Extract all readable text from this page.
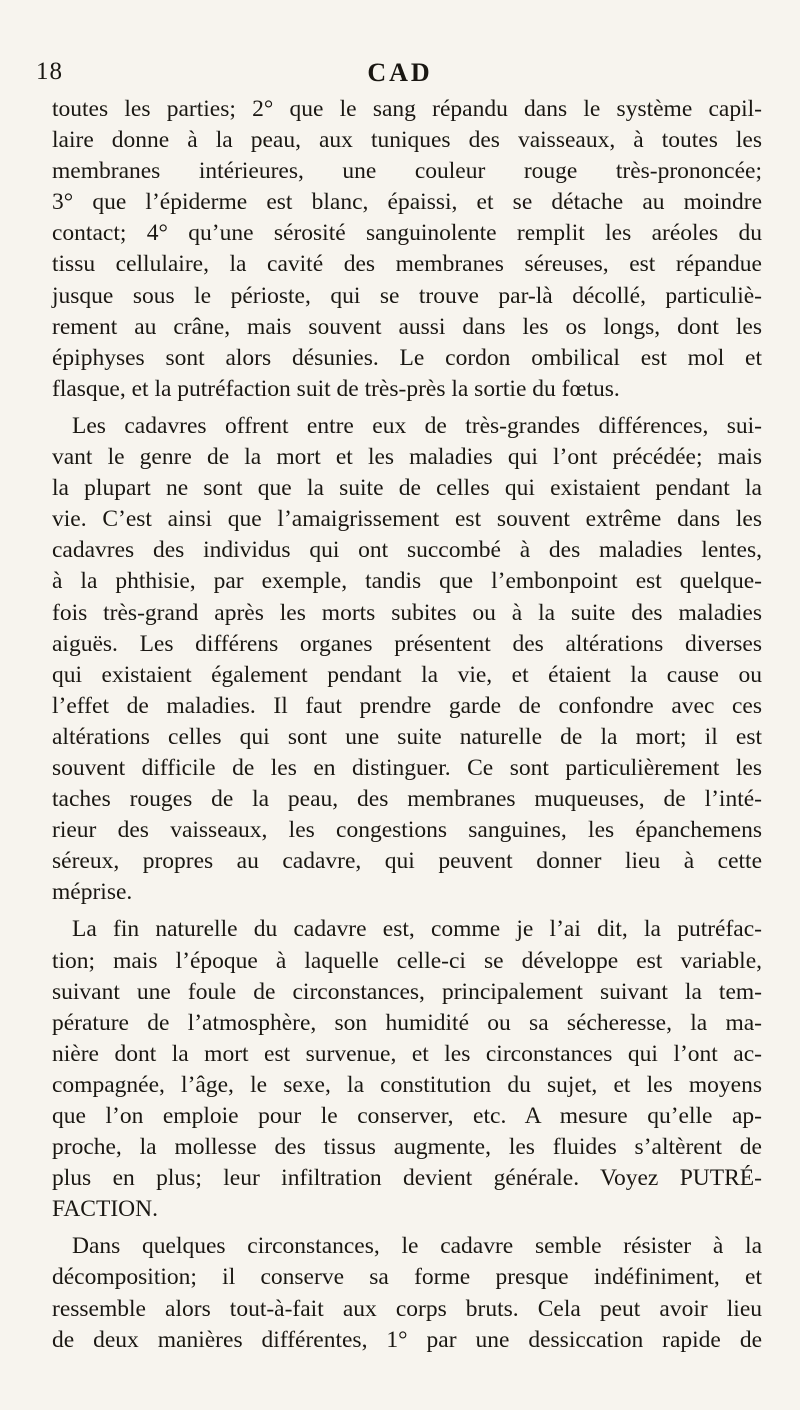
18	CAD
toutes les parties; 2° que le sang répandu dans le système capil-
laire donne à la peau, aux tuniques des vaisseaux, à toutes les
membranes intérieures, une couleur rouge très-prononcée;
3° que l’épiderme est blanc, épaissi, et se détache au moindre
contact; 4° qu’une sérosité sanguinolente remplit les aréoles du
tissu cellulaire, la cavité des membranes séreuses, est répandue
jusque sous le périoste, qui se trouve par-là décollé, particuliè-
rement au crâne, mais souvent aussi dans les os longs, dont les
épiphyses sont alors désunies. Le cordon ombilical est mol et
flasque, et la putréfaction suit de très-près la sortie du fœtus.
Les cadavres offrent entre eux de très-grandes différences, sui-
vant le genre de la mort et les maladies qui l’ont précédée; mais
la plupart ne sont que la suite de celles qui existaient pendant la
vie. C’est ainsi que l’amaigrissement est souvent extrême dans les
cadavres des individus qui ont succombé à des maladies lentes,
à la phthisie, par exemple, tandis que l’embonpoint est quelque-
fois très-grand après les morts subites ou à la suite des maladies
aiguës. Les différens organes présentent des altérations diverses
qui existaient également pendant la vie, et étaient la cause ou
l’effet de maladies. Il faut prendre garde de confondre avec ces
altérations celles qui sont une suite naturelle de la mort; il est
souvent difficile de les en distinguer. Ce sont particulièrement les
taches rouges de la peau, des membranes muqueuses, de l’inté-
rieur des vaisseaux, les congestions sanguines, les épanchemens
séreux, propres au cadavre, qui peuvent donner lieu à cette
méprise.
La fin naturelle du cadavre est, comme je l’ai dit, la putréfac-
tion; mais l’époque à laquelle celle-ci se développe est variable,
suivant une foule de circonstances, principalement suivant la tem-
pérature de l’atmosphère, son humidité ou sa sécheresse, la ma-
nière dont la mort est survenue, et les circonstances qui l’ont ac-
compagnée, l’âge, le sexe, la constitution du sujet, et les moyens
que l’on emploie pour le conserver, etc. A mesure qu’elle ap-
proche, la mollesse des tissus augmente, les fluides s’altèrent de
plus en plus; leur infiltration devient générale. Voyez PUTRÉ-
FACTION.
Dans quelques circonstances, le cadavre semble résister à la
décomposition; il conserve sa forme presque indéfiniment, et
ressemble alors tout-à-fait aux corps bruts. Cela peut avoir lieu
de deux manières différentes, 1° par une dessiccation rapide de
